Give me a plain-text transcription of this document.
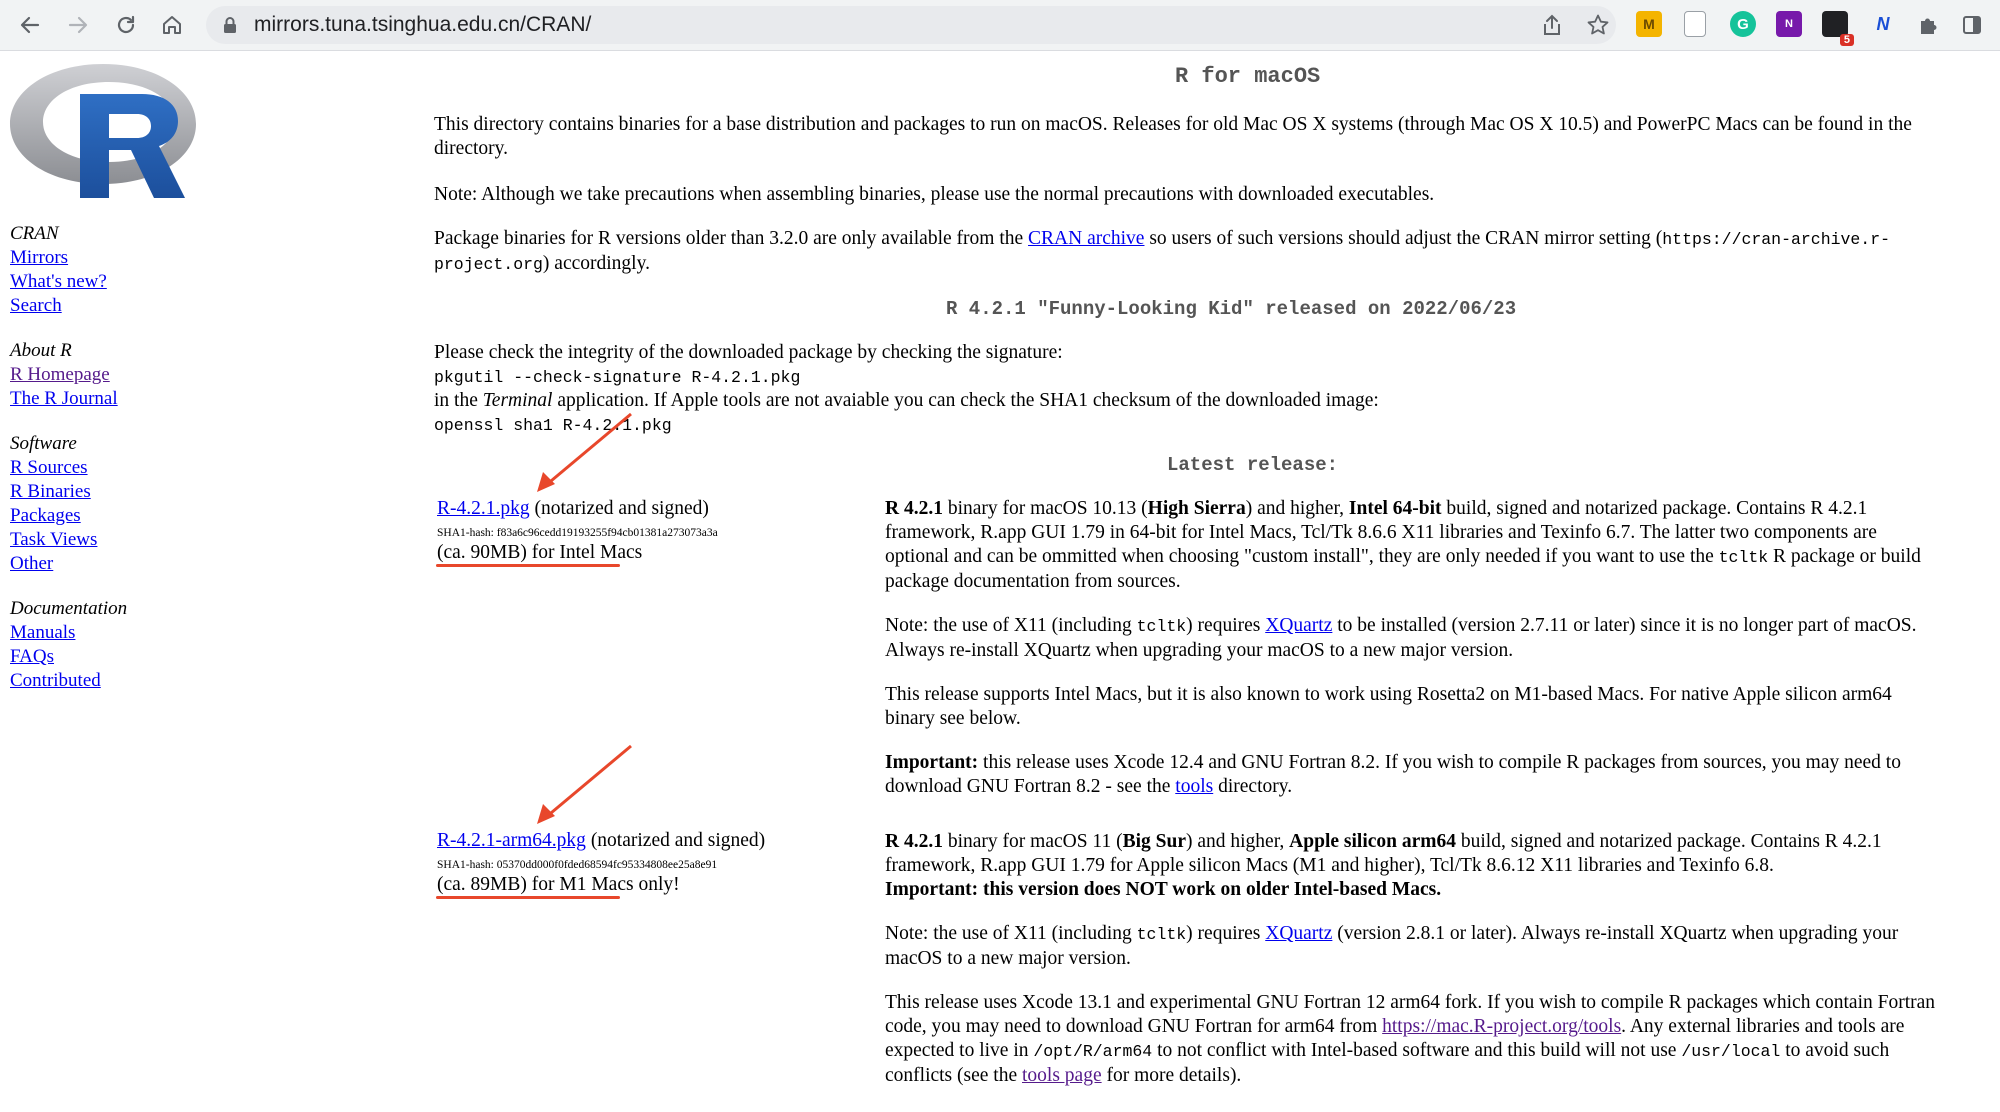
mirrors.tuna.tsinghua.edu.cn/CRAN/	M	G	N
5
N
CRAN
Mirrors
What's new?
Search
About R
R Homepage
The R Journal
Software
R Sources
R Binaries
Packages
Task Views
Other
Documentation
Manuals
FAQs
Contributed
R for macOS
This directory contains binaries for a base distribution and packages to run on macOS. Releases for old Mac OS X systems (through Mac OS X 10.5) and PowerPC Macs can be found in the
directory.
Note: Although we take precautions when assembling binaries, please use the normal precautions with downloaded executables.
Package binaries for R versions older than 3.2.0 are only available from the CRAN archive so users of such versions should adjust the CRAN mirror setting (https://cran-archive.r-
project.org) accordingly.
R 4.2.1 "Funny-Looking Kid" released on 2022/06/23
Please check the integrity of the downloaded package by checking the signature:
pkgutil --check-signature R-4.2.1.pkg
in the Terminal application. If Apple tools are not avaiable you can check the SHA1 checksum of the downloaded image:
openssl sha1 R-4.2.1.pkg
Latest release:
R-4.2.1.pkg (notarized and signed)
SHA1-hash: f83a6c96cedd19193255f94cb01381a273073a3a
(ca. 90MB) for Intel Macs

R 4.2.1 binary for macOS 10.13 (High Sierra) and higher, Intel 64-bit build, signed and notarized package. Contains R 4.2.1 framework, R.app GUI 1.79 in 64-bit for Intel Macs, Tcl/Tk 8.6.6 X11 libraries and Texinfo 6.7. The latter two components are optional and can be ommitted when choosing "custom install", they are only needed if you want to use the tcltk R package or build package documentation from sources.

Note: the use of X11 (including tcltk) requires XQuartz to be installed (version 2.7.11 or later) since it is no longer part of macOS. Always re-install XQuartz when upgrading your macOS to a new major version.

This release supports Intel Macs, but it is also known to work using Rosetta2 on M1-based Macs. For native Apple silicon arm64 binary see below.

Important: this release uses Xcode 12.4 and GNU Fortran 8.2. If you wish to compile R packages from sources, you may need to download GNU Fortran 8.2 - see the tools directory.

R-4.2.1-arm64.pkg (notarized and signed)
SHA1-hash: 05370dd000f0fded68594fc95334808ee25a8e91
(ca. 89MB) for M1 Macs only!

R 4.2.1 binary for macOS 11 (Big Sur) and higher, Apple silicon arm64 build, signed and notarized package. Contains R 4.2.1 framework, R.app GUI 1.79 for Apple silicon Macs (M1 and higher), Tcl/Tk 8.6.12 X11 libraries and Texinfo 6.8.
Important: this version does NOT work on older Intel-based Macs.

Note: the use of X11 (including tcltk) requires XQuartz (version 2.8.1 or later). Always re-install XQuartz when upgrading your macOS to a new major version.

This release uses Xcode 13.1 and experimental GNU Fortran 12 arm64 fork. If you wish to compile R packages which contain Fortran code, you may need to download GNU Fortran for arm64 from https://mac.R-project.org/tools. Any external libraries and tools are expected to live in /opt/R/arm64 to not conflict with Intel-based software and this build will not use /usr/local to avoid such conflicts (see the tools page for more details).
